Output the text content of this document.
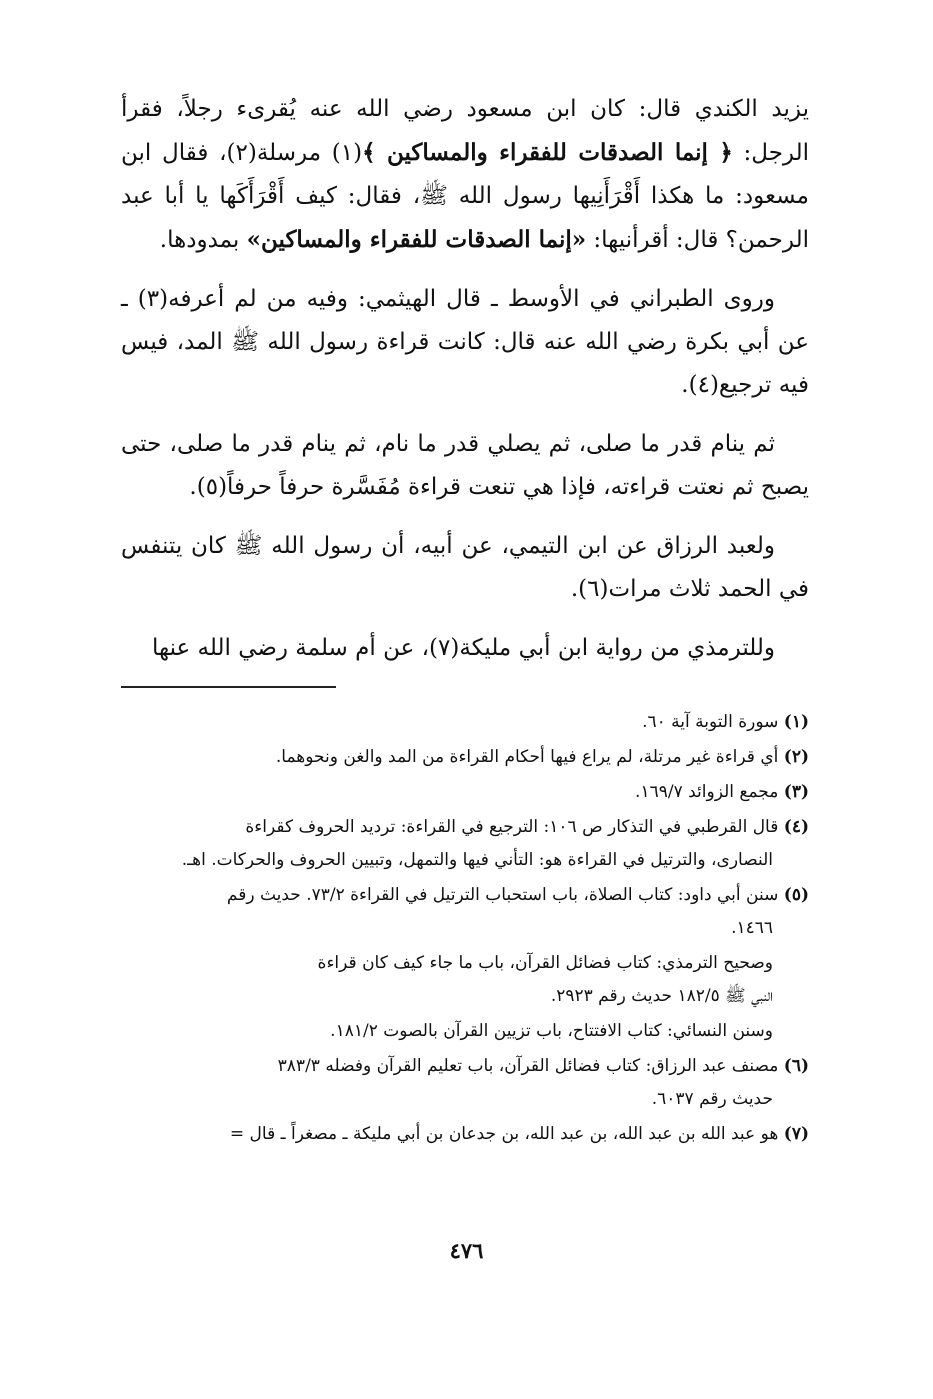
يزيد الكندي قال: كان ابن مسعود رضي الله عنه يُقرىء رجلاً، فقرأ الرجل: ﴿ إنما الصدقات للفقراء والمساكين ﴾(١) مرسلة(٢)، فقال ابن مسعود: ما هكذا أَقْرَأَنِيها رسول الله ﷺ، فقال: كيف أَقْرَأَكَها يا أبا عبد الرحمن؟ قال: أقرأنيها: «إنما الصدقات للفقراء والمساكين» بمدودها.

وروى الطبراني في الأوسط ـ قال الهيثمي: وفيه من لم أعرفه(٣) ـ عن أبي بكرة رضي الله عنه قال: كانت قراءة رسول الله ﷺ المد، فيس فيه ترجيع(٤).

ثم ينام قدر ما صلى، ثم يصلي قدر ما نام، ثم ينام قدر ما صلى، حتى يصبح ثم نعتت قراءته، فإذا هي تنعت قراءة مُفَسَّرة حرفاً حرفاً(٥).

ولعبد الرزاق عن ابن التيمي، عن أبيه، أن رسول الله ﷺ كان يتنفس في الحمد ثلاث مرات(٦).

وللترمذي من رواية ابن أبي مليكة(٧)، عن أم سلمة رضي الله عنها

(١) سورة التوبة آية ٦٠.
(٢) أي قراءة غير مرتلة، لم يراع فيها أحكام القراءة من المد والغن ونحوهما.
(٣) مجمع الزوائد ١٦٩/٧.
(٤) قال القرطبي في التذكار ص ١٠٦: الترجيع في القراءة: ترديد الحروف كقراءة
النصارى، والترتيل في القراءة هو: التأني فيها والتمهل، وتبيين الحروف والحركات. اهـ.
(٥) سنن أبي داود: كتاب الصلاة، باب استحباب الترتيل في القراءة ٧٣/٢. حديث رقم
١٤٦٦.
وصحيح الترمذي: كتاب فضائل القرآن، باب ما جاء كيف كان قراءة
النبي ﷺ ١٨٢/٥ حديث رقم ٢٩٢٣.
وسنن النسائي: كتاب الافتتاح، باب تزيين القرآن بالصوت ١٨١/٢.
(٦) مصنف عبد الرزاق: كتاب فضائل القرآن، باب تعليم القرآن وفضله ٣٨٣/٣
حديث رقم ٦٠٣٧.
(٧) هو عبد الله بن عبد الله، بن عبد الله، بن جدعان بن أبي مليكة ـ مصغراً ـ قال =
٤٧٦
